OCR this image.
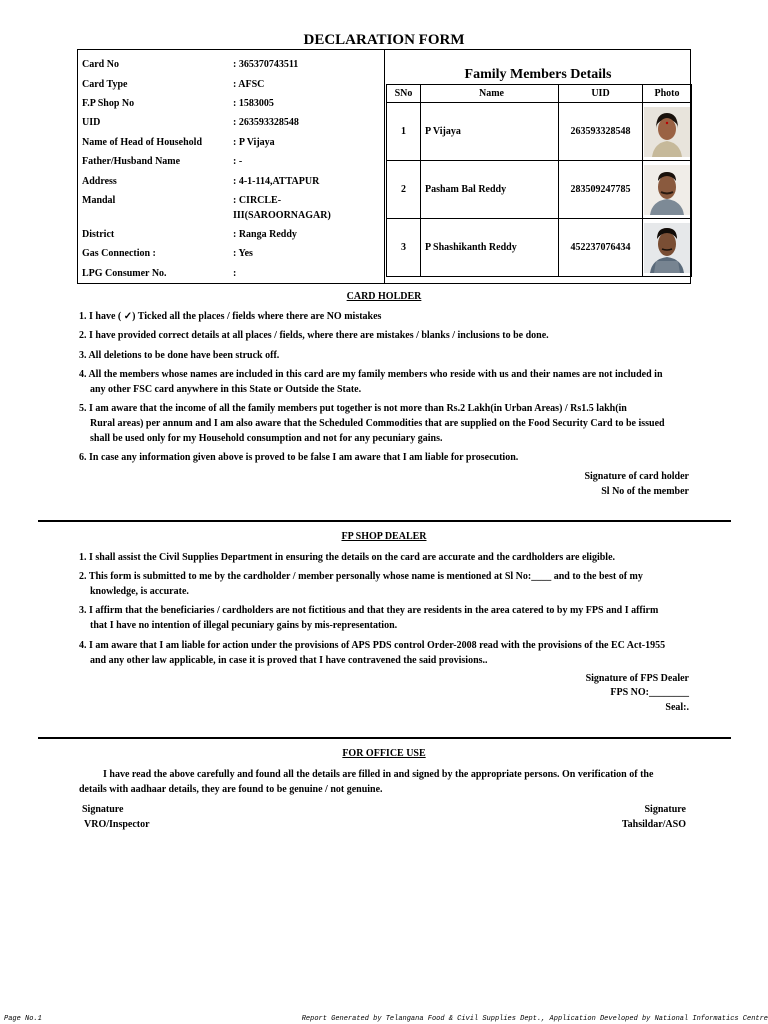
DECLARATION FORM
Card No	: 365370743511
Card Type	: AFSC
F.P Shop No	: 1583005
UID	: 263593328548
Name of Head of Household	: P Vijaya
Father/Husband Name	: -
Address	: 4-1-114,ATTAPUR
Mandal	: CIRCLE-
III(SAROORNAGAR)
District	: Ranga Reddy
Gas Connection :	: Yes
LPG Consumer No.	:
Family Members Details
SNo	Name	UID	Photo
1	P Vijaya	263593328548	

2	Pasham Bal Reddy	283509247785	

3	P Shashikanth Reddy	452237076434	
CARD HOLDER
1. I have ( ✓) Ticked all the places / fields where there are NO mistakes
2. I have provided correct details at all places / fields, where there are mistakes / blanks / inclusions to be done.
3. All deletions to be done have been struck off.
4. All the members whose names are included in this card are my family members who reside with us and their names are not included in
any other FSC card anywhere in this State or Outside the State.
5. I am aware that the income of all the family members put together is not more than Rs.2 Lakh(in Urban Areas) / Rs1.5 lakh(in
Rural areas) per annum and I am also aware that the Scheduled Commodities that are supplied on the Food Security Card to be issued
shall be used only for my Household consumption and not for any pecuniary gains.
6. In case any information given above is proved to be false I am aware that I am liable for prosecution.
Signature of card holder
Sl No of the member
FP SHOP DEALER
1. I shall assist the Civil Supplies Department in ensuring the details on the card are accurate and the cardholders are eligible.
2. This form is submitted to me by the cardholder / member personally whose name is mentioned at Sl No:____ and to the best of my
knowledge, is accurate.
3. I affirm that the beneficiaries / cardholders are not fictitious and that they are residents in the area catered to by my FPS and I affirm
that I have no intention of illegal pecuniary gains by mis-representation.
4. I am aware that I am liable for action under the provisions of APS PDS control Order-2008 read with the provisions of the EC Act-1955
and any other law applicable, in case it is proved that I have contravened the said provisions..
Signature of FPS Dealer
FPS NO:________
Seal:.
FOR OFFICE USE
I have read the above carefully and found all the details are filled in and signed by the appropriate persons. On verification of the
details with aadhaar details, they are found to be genuine / not genuine.
Signature
VRO/Inspector
Signature
Tahsildar/ASO
Page No.1	Report Generated by Telangana Food & Civil Supplies Dept., Application Developed by National Informatics Centre
